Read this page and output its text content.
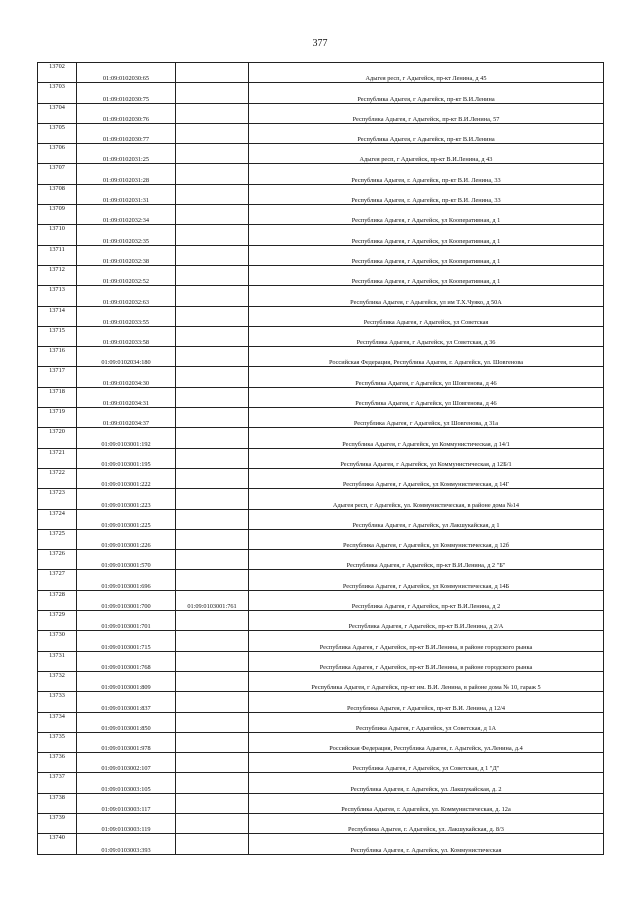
377
13702	01:09:0102030:65		Адыгея респ, г Адыгейск, пр-кт Ленина, д 45
13703	01:09:0102030:75		Республика Адыгея, г Адыгейск, пр-кт В.И.Ленина
13704	01:09:0102030:76		Республика Адыгея, г Адыгейск, пр-кт В.И.Ленина, 57
13705	01:09:0102030:77		Республика Адыгея, г Адыгейск, пр-кт В.И.Ленина
13706	01:09:0102031:25		Адыгея респ, г Адыгейск, пр-кт В.И.Ленина, д 43
13707	01:09:0102031:28		Республика Адыгея, г. Адыгейск, пр-кт В.И. Ленина, 33
13708	01:09:0102031:31		Республика Адыгея, г. Адыгейск, пр-кт В.И. Ленина, 33
13709	01:09:0102032:34		Республика Адыгея, г Адыгейск, ул Кооперативная, д 1
13710	01:09:0102032:35		Республика Адыгея, г Адыгейск, ул Кооперативная, д 1
13711	01:09:0102032:38		Республика Адыгея, г Адыгейск, ул Кооперативная, д 1
13712	01:09:0102032:52		Республика Адыгея, г Адыгейск, ул Кооперативная, д 1
13713	01:09:0102032:63		Республика Адыгея, г Адыгейск, ул им Т.Х.Чуяко, д 50А
13714	01:09:0102033:55		Республика Адыгея, г Адыгейск, ул Советская
13715	01:09:0102033:58		Республика Адыгея, г Адыгейск, ул Советская, д 36
13716	01:09:0102034:180		Российская Федерация, Республика Адыгея, г. Адыгейск, ул. Шовгенова
13717	01:09:0102034:30		Республика Адыгея, г Адыгейск, ул Шовгенова, д 46
13718	01:09:0102034:31		Республика Адыгея, г Адыгейск, ул Шовгенова, д 46
13719	01:09:0102034:37		Республика Адыгея, г Адыгейск, ул Шовгенова, д 31а
13720	01:09:0103001:192		Республика Адыгея, г Адыгейск, ул Коммунистическая, д 14/1
13721	01:09:0103001:195		Республика Адыгея, г Адыгейск, ул Коммунистическая, д 12Б/1
13722	01:09:0103001:222		Республика Адыгея, г Адыгейск, ул Коммунистическая, д 14Г
13723	01:09:0103001:223		Адыгея респ, г Адыгейск, ул. Коммунистическая, в районе дома №14
13724	01:09:0103001:225		Республика Адыгея, г Адыгейск, ул Лакшукайская, д 1
13725	01:09:0103001:226		Республика Адыгея, г Адыгейск, ул Коммунистическая, д 12б
13726	01:09:0103001:570		Республика Адыгея, г Адыгейск, пр-кт В.И.Ленина, д 2 "Б"
13727	01:09:0103001:696		Республика Адыгея, г Адыгейск, ул Коммунистическая, д 14Б
13728	01:09:0103001:700	01:09:0103001:761	Республика Адыгея, г Адыгейск, пр-кт В.И.Ленина, д 2
13729	01:09:0103001:701		Республика Адыгея, г Адыгейск, пр-кт В.И.Ленина, д 2/А
13730	01:09:0103001:715		Республика Адыгея, г Адыгейск, пр-кт В.И.Ленина, в районе городского рынка
13731	01:09:0103001:768		Республика Адыгея, г Адыгейск, пр-кт В.И.Ленина, в районе городского рынка
13732	01:09:0103001:809		Республика Адыгея, г Адыгейск, пр-кт им. В.И. Ленина, в районе дома № 10, гараж 5
13733	01:09:0103001:837		Республика Адыгея, г Адыгейск, пр-кт В.И. Ленина, д 12/4
13734	01:09:0103001:850		Республика Адыгея, г Адыгейск, ул Советская, д 1А
13735	01:09:0103001:978		Российская Федерация, Республика Адыгея, г. Адыгейск, ул.Ленина, д.4
13736	01:09:0103002:107		Республика Адыгея, г Адыгейск, ул Советская, д 1 "Д"
13737	01:09:0103003:105		Республика Адыгея, г. Адыгейск, ул. Лакшукайская, д. 2
13738	01:09:0103003:117		Республика Адыгея, г. Адыгейск, ул. Коммунистическая, д. 12а
13739	01:09:0103003:119		Республика Адыгея, г. Адыгейск, ул. Лакшукайская, д. 8/3
13740	01:09:0103003:393		Республика Адыгея, г. Адыгейск, ул. Коммунистическая
